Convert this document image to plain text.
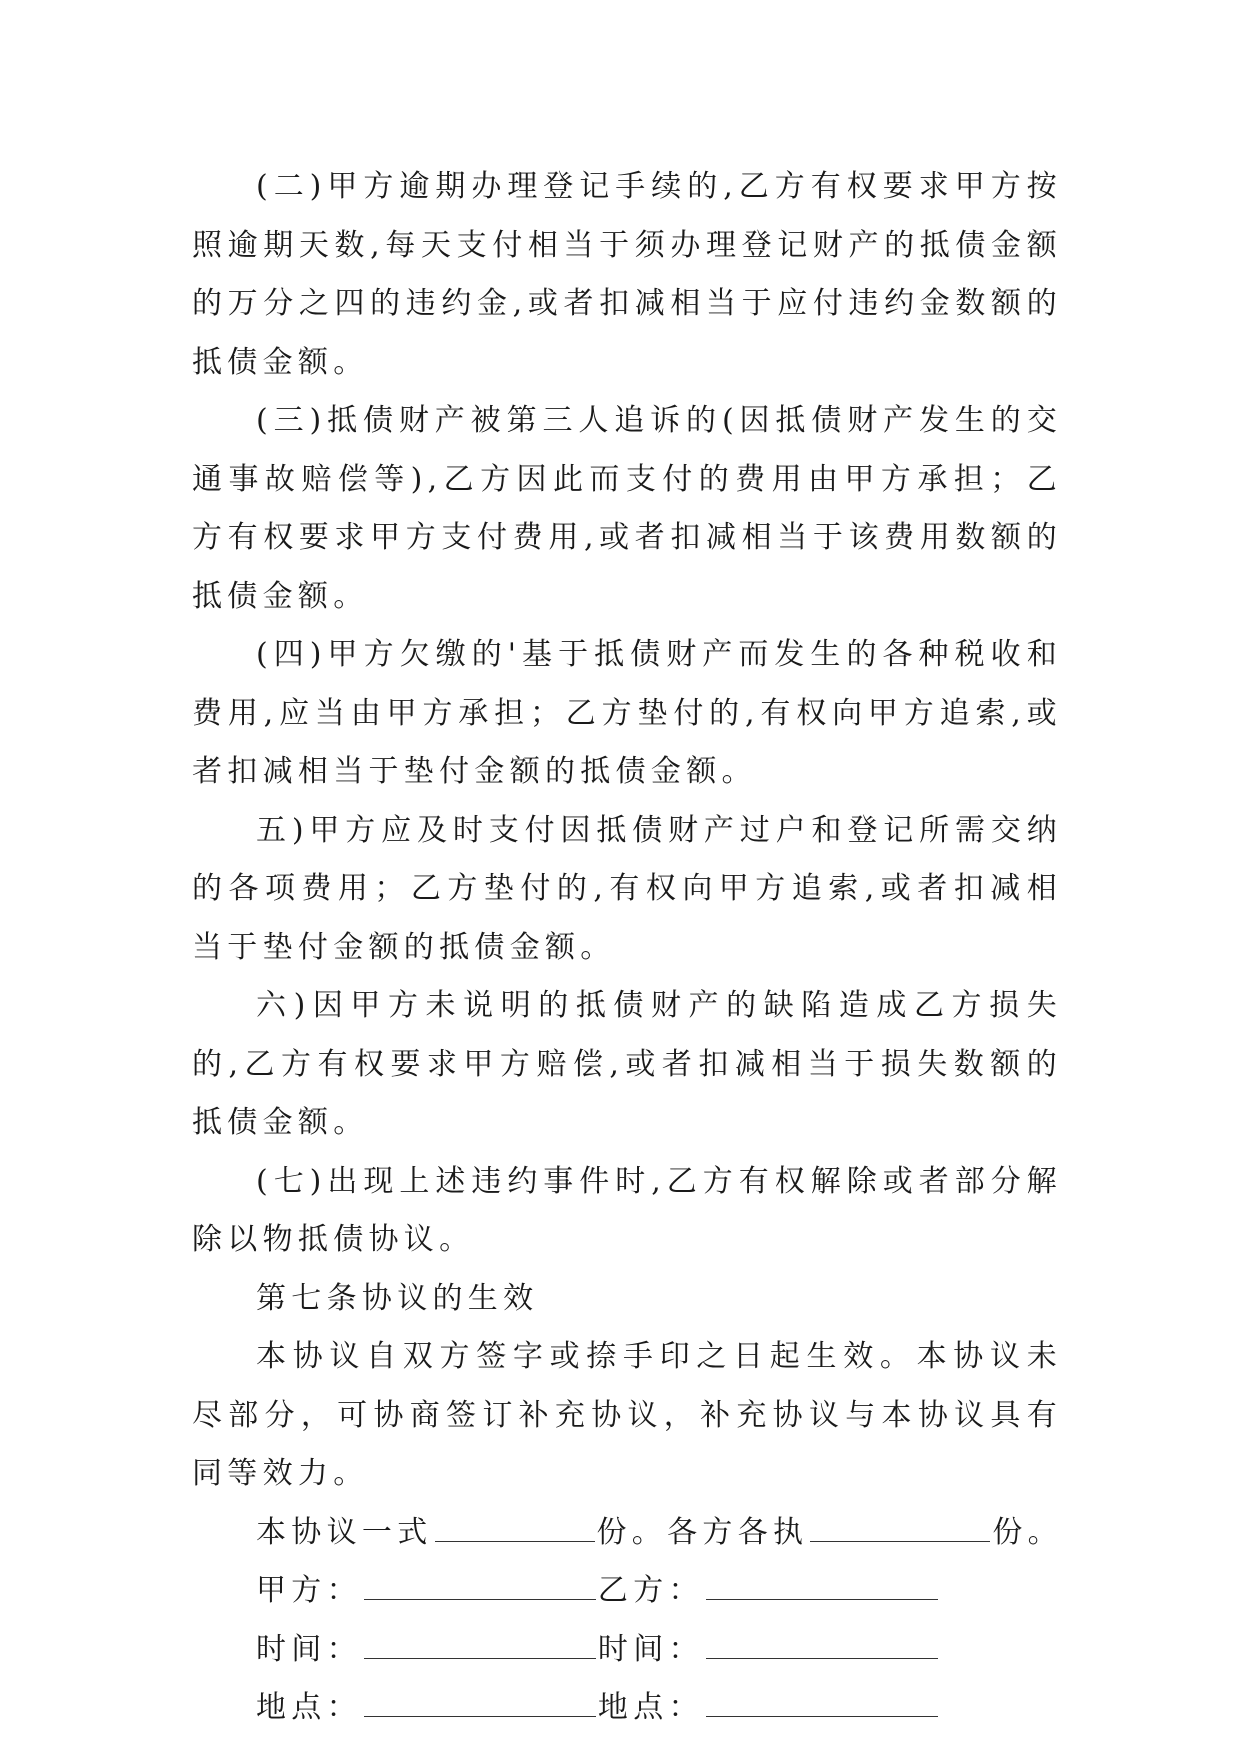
(二)甲方逾期办理登记手续的,乙方有权要求甲方按照逾期天数,每天支付相当于须办理登记财产的抵债金额的万分之四的违约金,或者扣减相当于应付违约金数额的抵债金额。

(三)抵债财产被第三人追诉的(因抵债财产发生的交通事故赔偿等),乙方因此而支付的费用由甲方承担；乙方有权要求甲方支付费用,或者扣减相当于该费用数额的抵债金额。

(四)甲方欠缴的'基于抵债财产而发生的各种税收和费用,应当由甲方承担；乙方垫付的,有权向甲方追索,或者扣减相当于垫付金额的抵债金额。

五)甲方应及时支付因抵债财产过户和登记所需交纳的各项费用；乙方垫付的,有权向甲方追索,或者扣减相当于垫付金额的抵债金额。

六)因甲方未说明的抵债财产的缺陷造成乙方损失的,乙方有权要求甲方赔偿,或者扣减相当于损失数额的抵债金额。

(七)出现上述违约事件时,乙方有权解除或者部分解除以物抵债协议。

第七条协议的生效

本协议自双方签字或捺手印之日起生效。本协议未尽部分，可协商签订补充协议，补充协议与本协议具有同等效力。

本协议一式	份。各方各执	份。

甲方：	乙方：

时间：	时间：

地点：	地点：
